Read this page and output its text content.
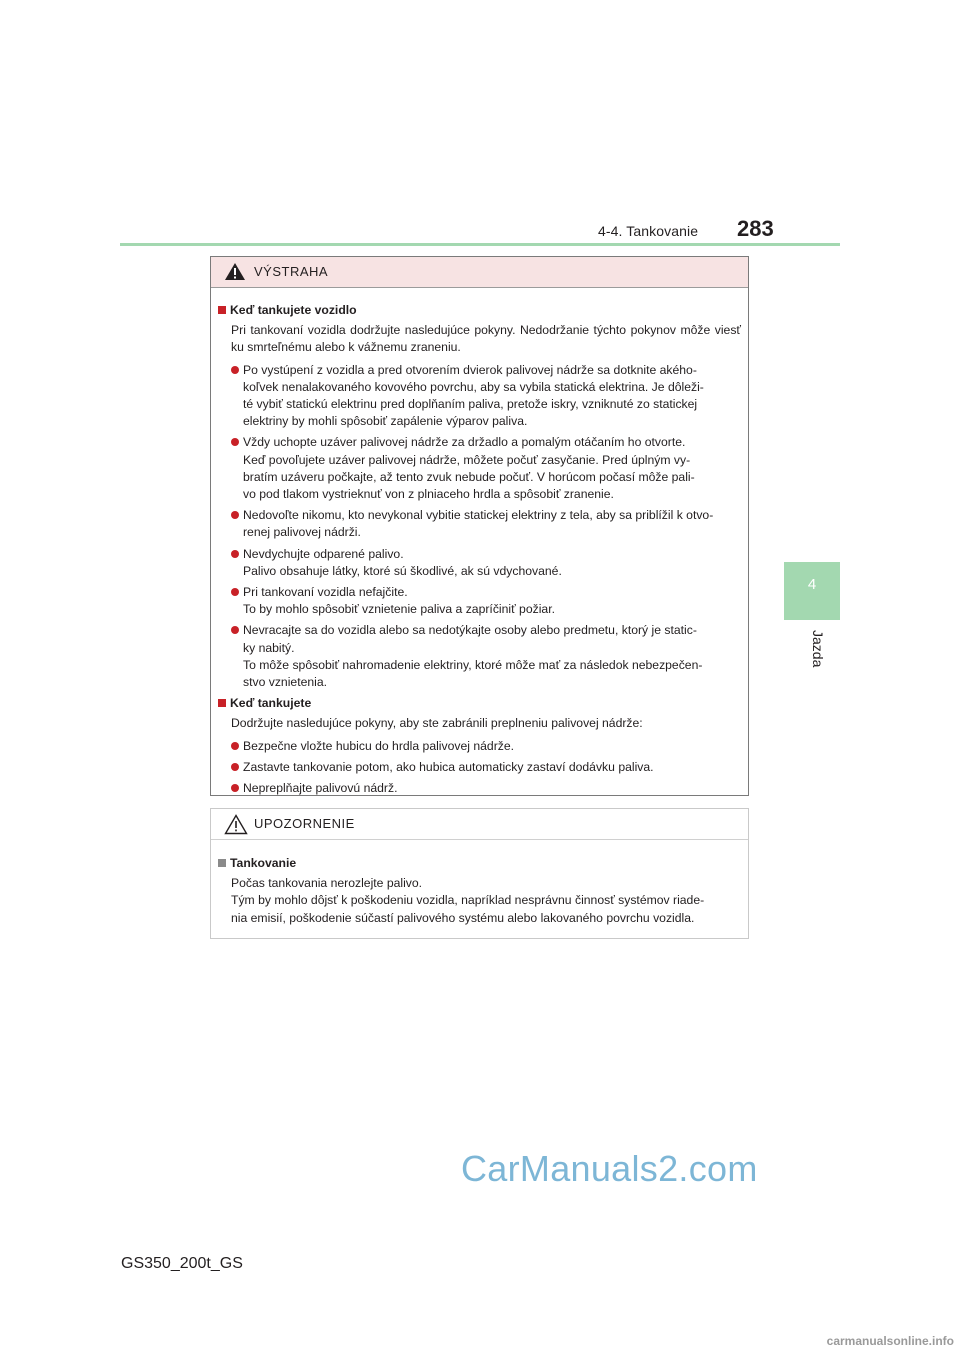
4-4. Tankovanie 283
4
Jazda
VÝSTRAHA
Keď tankujete vozidlo
Pri tankovaní vozidla dodržujte nasledujúce pokyny. Nedodržanie týchto pokynov môže viesť ku smrteľnému alebo k vážnemu zraneniu.
Po vystúpení z vozidla a pred otvorením dvierok palivovej nádrže sa dotknite akého-
koľvek nenalakovaného kovového povrchu, aby sa vybila statická elektrina. Je dôleži-
té vybiť statickú elektrinu pred doplňaním paliva, pretože iskry, vzniknuté zo statickej
elektriny by mohli spôsobiť zapálenie výparov paliva.
Vždy uchopte uzáver palivovej nádrže za držadlo a pomalým otáčaním ho otvorte.
Keď povoľujete uzáver palivovej nádrže, môžete počuť zasyčanie. Pred úplným vy-
bratím uzáveru počkajte, až tento zvuk nebude počuť. V horúcom počasí môže pali-
vo pod tlakom vystrieknuť von z plniaceho hrdla a spôsobiť zranenie.
Nedovoľte nikomu, kto nevykonal vybitie statickej elektriny z tela, aby sa priblížil k otvo-
renej palivovej nádrži.
Nevdychujte odparené palivo.
Palivo obsahuje látky, ktoré sú škodlivé, ak sú vdychované.
Pri tankovaní vozidla nefajčite.
To by mohlo spôsobiť vznietenie paliva a zapríčiniť požiar.
Nevracajte sa do vozidla alebo sa nedotýkajte osoby alebo predmetu, ktorý je static-
ky nabitý.
To môže spôsobiť nahromadenie elektriny, ktoré môže mať za následok nebezpečen-
stvo vznietenia.
Keď tankujete
Dodržujte nasledujúce pokyny, aby ste zabránili preplneniu palivovej nádrže:
Bezpečne vložte hubicu do hrdla palivovej nádrže.
Zastavte tankovanie potom, ako hubica automaticky zastaví dodávku paliva.
Nepreplňajte palivovú nádrž.
UPOZORNENIE
Tankovanie
Počas tankovania nerozlejte palivo.
Tým by mohlo dôjsť k poškodeniu vozidla, napríklad nesprávnu činnosť systémov riade-
nia emisií, poškodenie súčastí palivového systému alebo lakovaného povrchu vozidla.
CarManuals2.com
GS350_200t_GS
carmanualsonline.info
